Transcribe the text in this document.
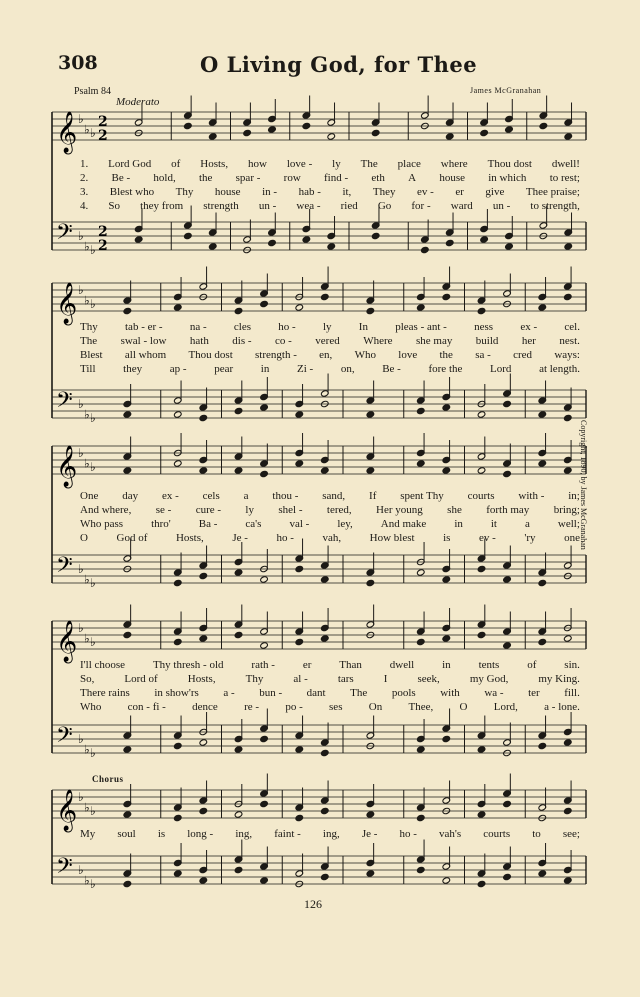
308	O Living God, for Thee
Psalm 84	James McGranahan
Moderato
Chorus
Copyright, 1890, by James McGranahan
126
𝄞
𝄢
♭
♭
♭
♭
♭
♭
2
2
2
2
𝄞
𝄢
♭
♭
♭
♭
♭
♭
𝄞
𝄢
♭
♭
♭
♭
♭
♭
𝄞
𝄢
♭
♭
♭
♭
♭
♭
𝄞
𝄢
♭
♭
♭
♭
♭
♭
1. Lord God of Hosts, how love - ly The place where Thou dost dwell!
2. Be - hold, the spar - row find - eth A house in which to rest;
3. Blest who Thy house in - hab - it, They ev - er give Thee praise;
4. So they from strength un - wea - ried Go for - ward un - to strength,
Thy tab - er - na - cles ho - ly In pleas - ant - ness ex - cel.
The swal - low hath dis - co - vered Where she may build her nest.
Blest all whom Thou dost strength - en, Who love the sa - cred ways:
Till	they	ap -	pear	in	Zi -	on,	Be -	fore the	Lord	at length.
One day ex - cels a thou - sand, If spent Thy courts with - in;
And where, se - cure - ly shel - tered, Her young she forth may bring;
Who pass	thro'	Ba -	ca's	val -	ley,	And make	in	it	a	well;
O	God of	Hosts,	Je -	ho -	vah,	How blest	is	ev -	'ry	one
I'll choose	Thy thresh - old	rath -	er	Than	dwell	in	tents	of	sin.
So,	Lord of	Hosts,	Thy	al -	tars	I	seek,	my God,	my King.
There rains in show'rs a - bun - dant The pools with wa - ter fill.
Who con - fi - dence re - po - ses On Thee, O Lord, a - lone.
My soul is long - ing, faint - ing, Je - ho - vah's courts to see;
